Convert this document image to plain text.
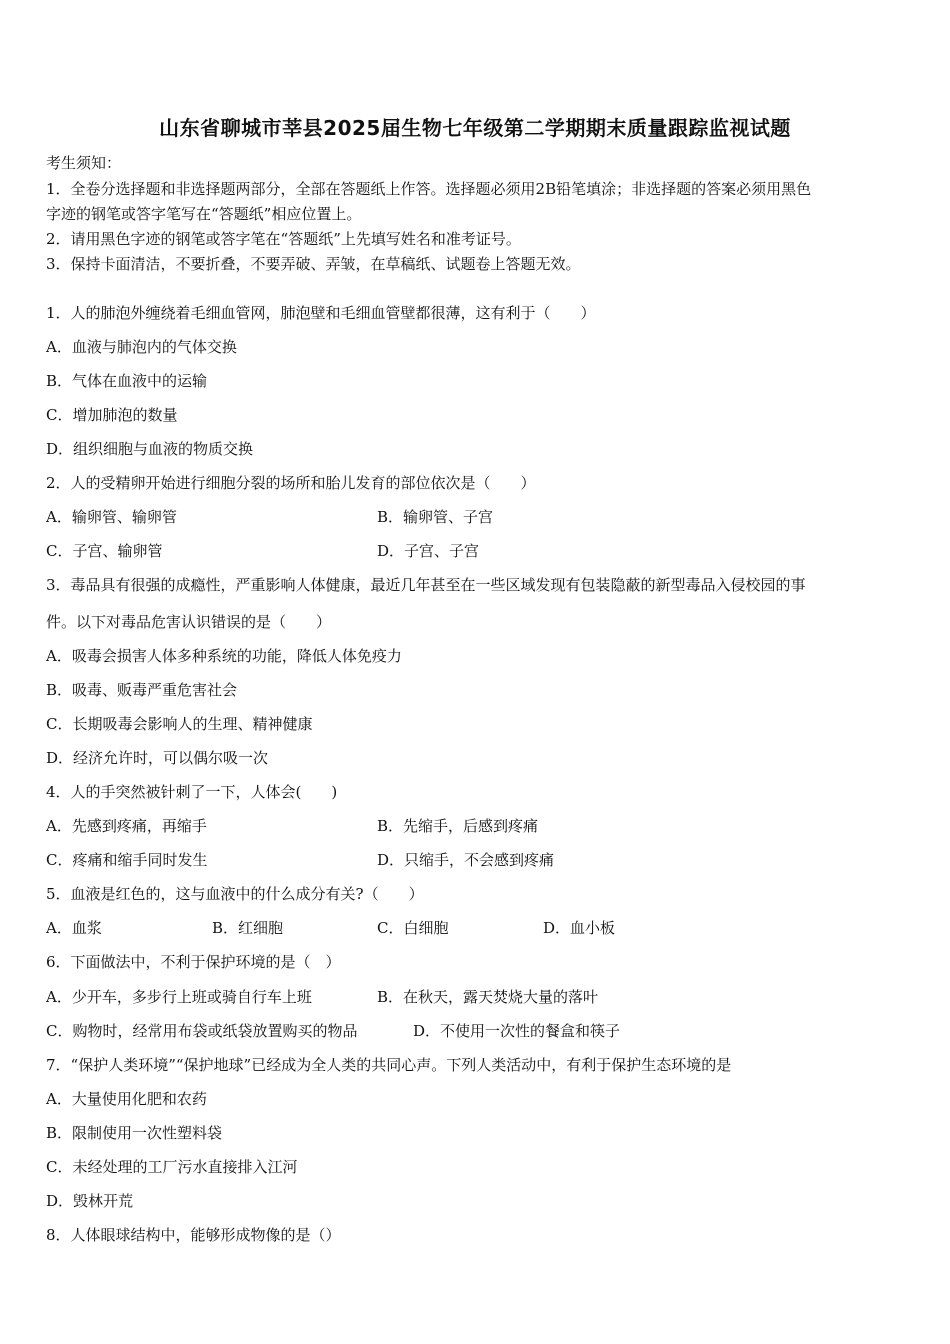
山东省聊城市莘县2025届生物七年级第二学期期末质量跟踪监视试题
考生须知：
1．全卷分选择题和非选择题两部分，全部在答题纸上作答。选择题必须用2B铅笔填涂；非选择题的答案必须用黑色
字迹的钢笔或答字笔写在“答题纸”相应位置上。
2．请用黑色字迹的钢笔或答字笔在“答题纸”上先填写姓名和准考证号。
3．保持卡面清洁，不要折叠，不要弄破、弄皱，在草稿纸、试题卷上答题无效。
1．人的肺泡外缠绕着毛细血管网，肺泡壁和毛细血管壁都很薄，这有利于（　　）
A．血液与肺泡内的气体交换
B．气体在血液中的运输
C．增加肺泡的数量
D．组织细胞与血液的物质交换
2．人的受精卵开始进行细胞分裂的场所和胎儿发育的部位依次是（　　）
A．输卵管、输卵管	B．输卵管、子宫
C．子宫、输卵管	D．子宫、子宫
3．毒品具有很强的成瘾性，严重影响人体健康，最近几年甚至在一些区域发现有包装隐蔽的新型毒品入侵校园的事
件。以下对毒品危害认识错误的是（　　）
A．吸毒会损害人体多种系统的功能，降低人体免疫力
B．吸毒、贩毒严重危害社会
C．长期吸毒会影响人的生理、精神健康
D．经济允许时，可以偶尔吸一次
4．人的手突然被针刺了一下，人体会(　　)
A．先感到疼痛，再缩手	B．先缩手，后感到疼痛
C．疼痛和缩手同时发生	D．只缩手，不会感到疼痛
5．血液是红色的，这与血液中的什么成分有关?（　　）
A．血浆	B．红细胞	C．白细胞	D．血小板
6．下面做法中，不利于保护环境的是（　）
A．少开车，多步行上班或骑自行车上班	B．在秋天，露天焚烧大量的落叶
C．购物时，经常用布袋或纸袋放置购买的物品	D．不使用一次性的餐盒和筷子
7．“保护人类环境”“保护地球”已经成为全人类的共同心声。下列人类活动中，有利于保护生态环境的是
A．大量使用化肥和农药
B．限制使用一次性塑料袋
C．未经处理的工厂污水直接排入江河
D．毁林开荒
8．人体眼球结构中，能够形成物像的是（）
